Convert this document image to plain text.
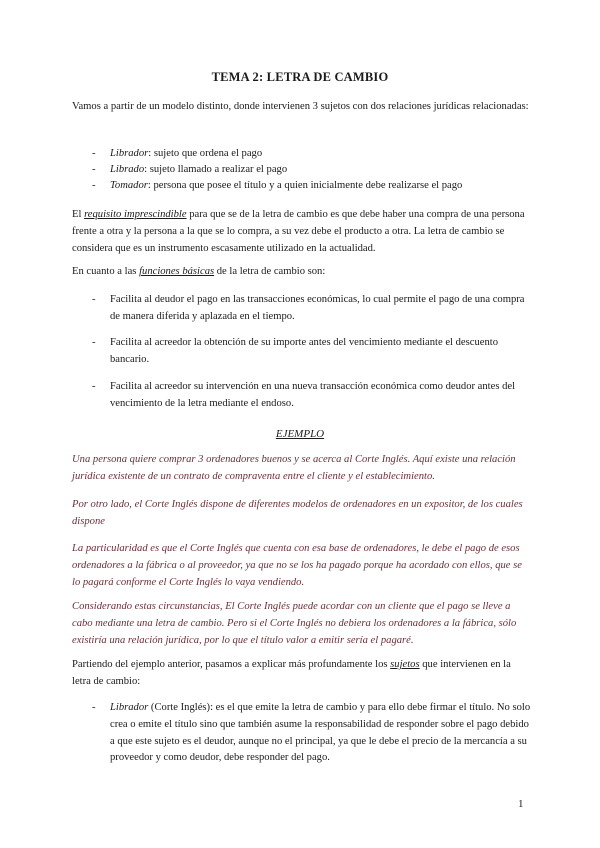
TEMA 2: LETRA DE CAMBIO

Vamos a partir de un modelo distinto, donde intervienen 3 sujetos con dos relaciones jurídicas relacionadas:

-	Librador: sujeto que ordena el pago
-	Librado: sujeto llamado a realizar el pago
-	Tomador: persona que posee el título y a quien inicialmente debe realizarse el pago

El requisito imprescindible para que se de la letra de cambio es que debe haber una compra de una persona frente a otra y la persona a la que se lo compra, a su vez debe el producto a otra. La letra de cambio se considera que es un instrumento escasamente utilizado en la actualidad.

En cuanto a las funciones básicas de la letra de cambio son:

-	Facilita al deudor el pago en las transacciones económicas, lo cual permite el pago de una compra de manera diferida y aplazada en el tiempo.
-	Facilita al acreedor la obtención de su importe antes del vencimiento mediante el descuento bancario.
-	Facilita al acreedor su intervención en una nueva transacción económica como deudor antes del vencimiento de la letra mediante el endoso.
EJEMPLO

Una persona quiere comprar 3 ordenadores buenos y se acerca al Corte Inglés. Aquí existe una relación jurídica existente de un contrato de compraventa entre el cliente y el establecimiento.

Por otro lado, el Corte Inglés dispone de diferentes modelos de ordenadores en un expositor, de los cuales dispone

La particularidad es que el Corte Inglés que cuenta con esa base de ordenadores, le debe el pago de esos ordenadores a la fábrica o al proveedor, ya que no se los ha pagado porque ha acordado con ellos, que se lo pagará conforme el Corte Inglés lo vaya vendiendo.

Considerando estas circunstancias, El Corte Inglés puede acordar con un cliente que el pago se lleve a cabo mediante una letra de cambio. Pero si el Corte Inglés no debiera los ordenadores a la fábrica, sólo existiría una relación jurídica, por lo que el título valor a emitir sería el pagaré.

Partiendo del ejemplo anterior, pasamos a explicar más profundamente los sujetos que intervienen en la letra de cambio:

-	Librador (Corte Inglés): es el que emite la letra de cambio y para ello debe firmar el título. No solo crea o emite el título sino que también asume la responsabilidad de responder sobre el pago debido a que este sujeto es el deudor, aunque no el principal, ya que le debe el precio de la mercancía a su proveedor y como deudor, debe responder del pago.
1
